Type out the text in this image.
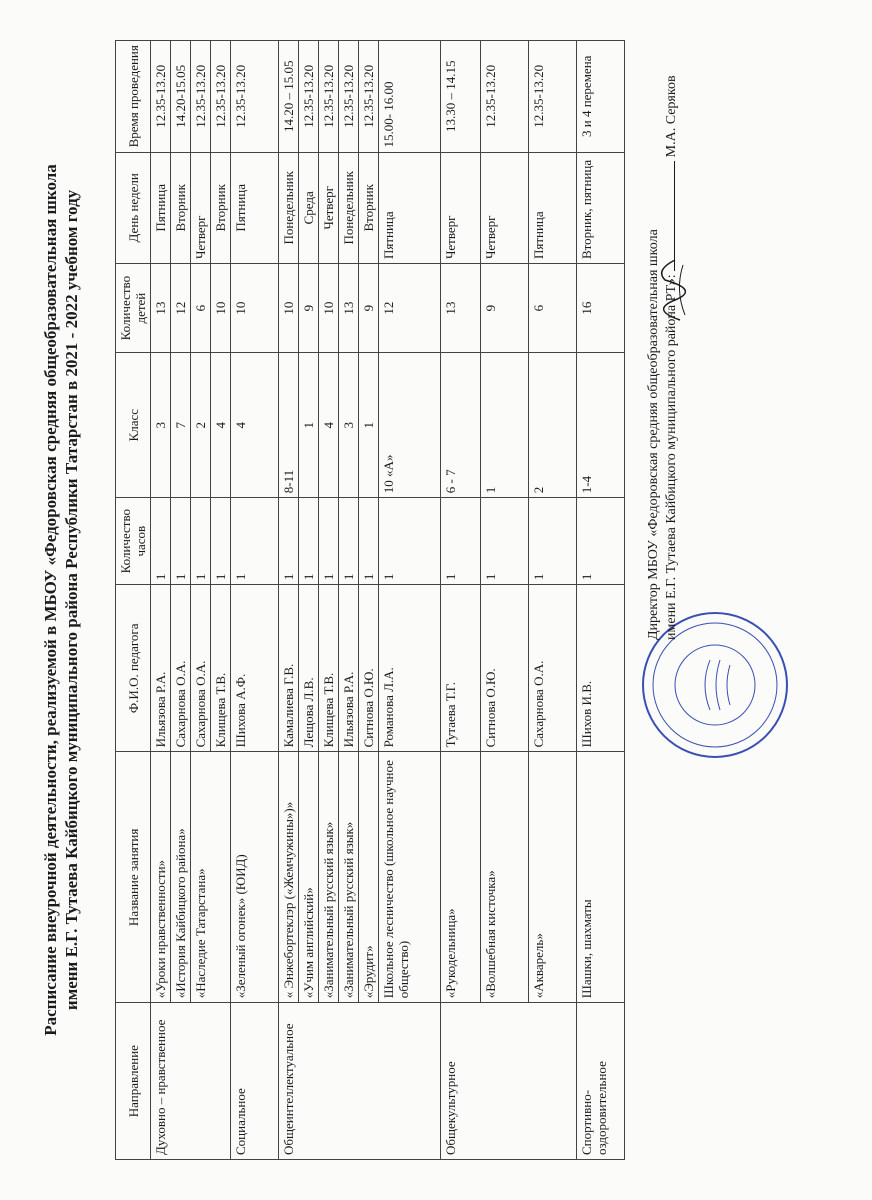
Расписание внеурочной деятельности, реализуемой в МБОУ «Федоровская средняя общеобразовательная школа имени Е.Г. Тутаева Кайбицкого муниципального района Республики Татарстан в 2021 - 2022 учебном году
Направление	Название занятия	Ф.И.О. педагога	Количество часов	Класс	Количество детей	День недели	Время проведения
Духовно – нравственное	«Уроки нравственности»	Ильязова Р.А.	1	3	13	Пятница	12.35-13.20
	«История Кайбицкого района»	Сахарнова О.А.	1	7	12	Вторник	14.20-15.05
	«Наследие Татарстана»	Сахарнова О.А.	1	2	6	Четверг	12.35-13.20
		Клищева Т.В.	1	4	10	Вторник	12.35-13.20
Социальное	«Зеленый огонек» (ЮИД)	Шихова А.Ф.	1	4	10	Пятница	12.35-13.20
Общеинтеллектуальное	« Энжебортеклэр («Жемчужины»)»	Камалиева Г.В.	1	8-11	10	Понедельник	14.20 – 15.05
	«Учим английский»	Лещова Л.В.	1	1	9	Среда	12.35-13.20
	«Занимательный русский язык»	Клищева Т.В.	1	4	10	Четверг	12.35-13.20
	«Занимательный русский язык»	Ильязова Р.А.	1	3	13	Понедельник	12.35-13.20
	«Эрудит»	Ситнова О.Ю.	1	1	9	Вторник	12.35-13.20
	Школьное лесничество (школьное научное общество)	Романова Л.А.	1	10 «А»	12	Пятница	15.00- 16.00
Общекультурное	«Рукодельница»	Тутаева Т.Г.	1	6 - 7	13	Четверг	13.30 – 14.15
	«Волшебная кисточка»	Ситнова О.Ю.	1	1	9	Четверг	12.35-13.20
	«Акварель»	Сахарнова О.А.	1	2	6	Пятница	12.35-13.20
Спортивно- оздоровительное	Шашки, шахматы	Шихов И.В.	1	1-4	16	Вторник, пятница	3 и 4 перемена
Директор МБОУ «Федоровская средняя общеобразовательная школа имени Е.Г. Тутаева Кайбицкого муниципального района РТ»:  М.А. Серяков
